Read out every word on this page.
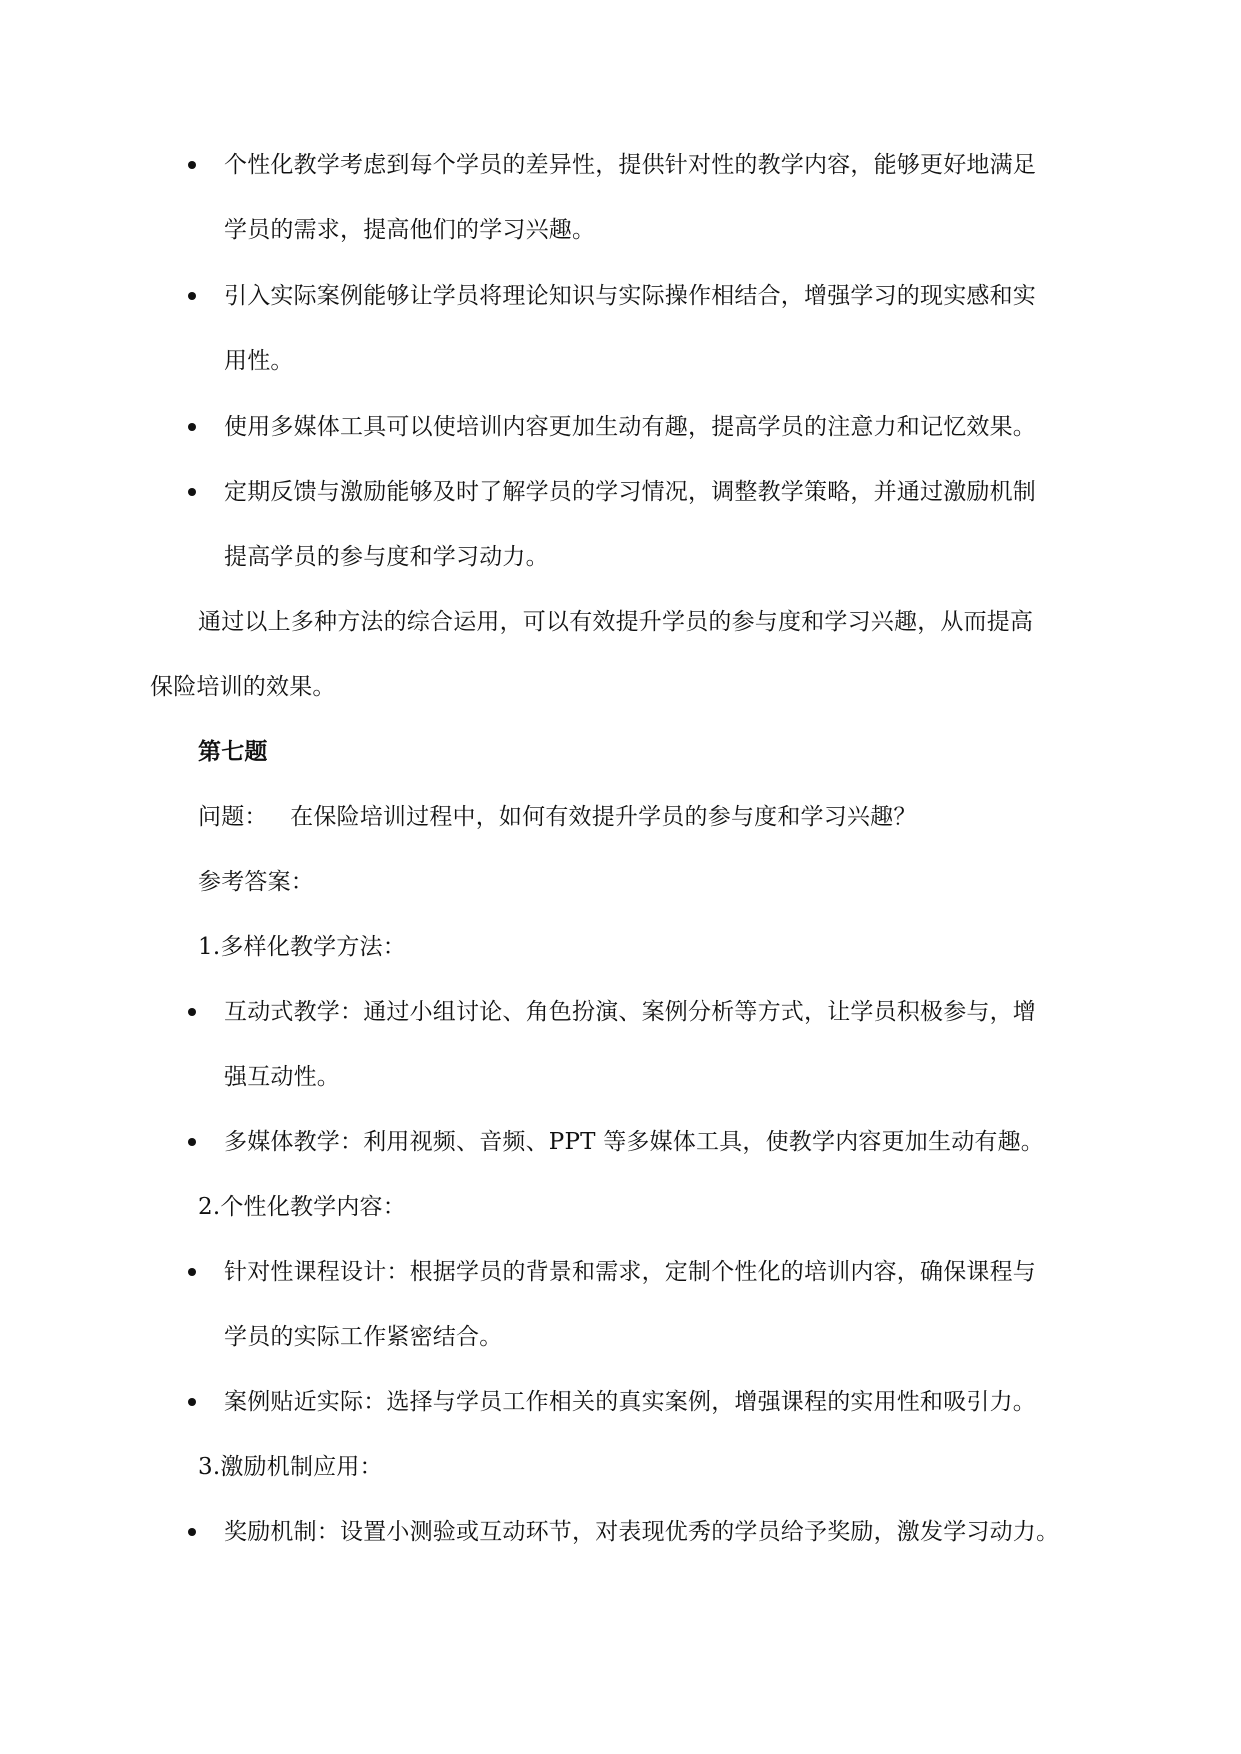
个性化教学考虑到每个学员的差异性，提供针对性的教学内容，能够更好地满足
学员的需求，提高他们的学习兴趣。
引入实际案例能够让学员将理论知识与实际操作相结合，增强学习的现实感和实
用性。
使用多媒体工具可以使培训内容更加生动有趣，提高学员的注意力和记忆效果。
定期反馈与激励能够及时了解学员的学习情况，调整教学策略，并通过激励机制
提高学员的参与度和学习动力。
通过以上多种方法的综合运用，可以有效提升学员的参与度和学习兴趣，从而提高
保险培训的效果。
第七题
问题：   在保险培训过程中，如何有效提升学员的参与度和学习兴趣？
参考答案：
1.多样化教学方法：
互动式教学：通过小组讨论、角色扮演、案例分析等方式，让学员积极参与，增
强互动性。
多媒体教学：利用视频、音频、PPT 等多媒体工具，使教学内容更加生动有趣。
2.个性化教学内容：
针对性课程设计：根据学员的背景和需求，定制个性化的培训内容，确保课程与
学员的实际工作紧密结合。
案例贴近实际：选择与学员工作相关的真实案例，增强课程的实用性和吸引力。
3.激励机制应用：
奖励机制：设置小测验或互动环节，对表现优秀的学员给予奖励，激发学习动力。
